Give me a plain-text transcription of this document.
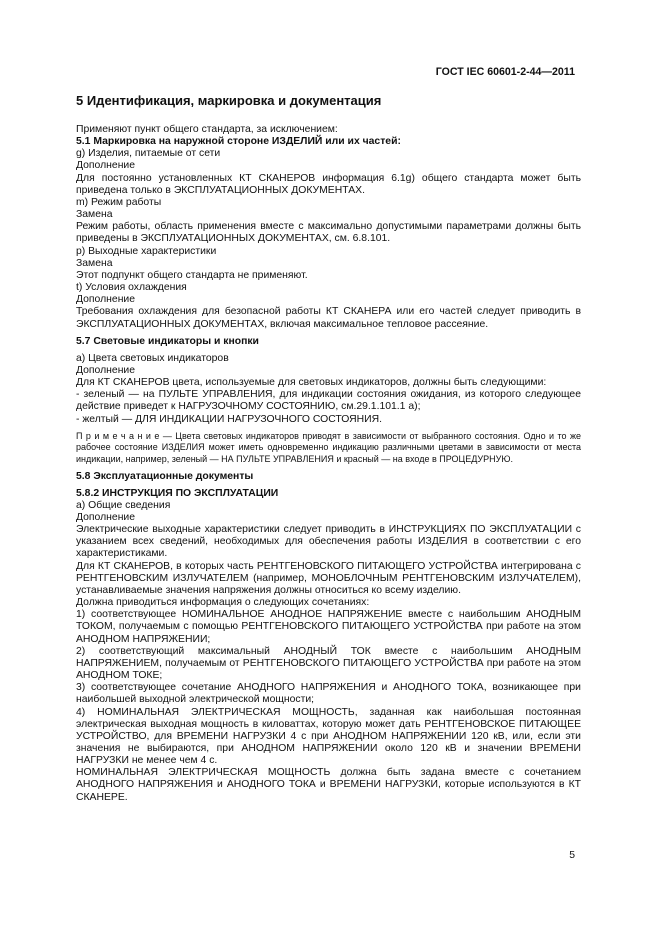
ГОСТ IEC 60601-2-44—2011
5 Идентификация, маркировка и документация

Применяют пункт общего стандарта, за исключением:

5.1 Маркировка на наружной стороне ИЗДЕЛИЙ или их частей:

g) Изделия, питаемые от сети

Дополнение

Для постоянно установленных КТ СКАНЕРОВ информация 6.1g) общего стандарта может быть приведена только в ЭКСПЛУАТАЦИОННЫХ ДОКУМЕНТАХ.

m) Режим работы

Замена

Режим работы, область применения вместе с максимально допустимыми параметрами должны быть приведены в ЭКСПЛУАТАЦИОННЫХ ДОКУМЕНТАХ, см. 6.8.101.

p) Выходные характеристики

Замена

Этот подпункт общего стандарта не применяют.

t) Условия охлаждения

Дополнение

Требования охлаждения для безопасной работы КТ СКАНЕРА или его частей следует приводить в ЭКСПЛУАТАЦИОННЫХ ДОКУМЕНТАХ, включая максимальное тепловое рассеяние.

5.7 Световые индикаторы и кнопки

а) Цвета световых индикаторов

Дополнение

Для КТ СКАНЕРОВ цвета, используемые для световых индикаторов, должны быть следующими:

- зеленый — на ПУЛЬТЕ УПРАВЛЕНИЯ, для индикации состояния ожидания, из которого следующее действие приведет к НАГРУЗОЧНОМУ СОСТОЯНИЮ, см.29.1.101.1 а);

- желтый — ДЛЯ ИНДИКАЦИИ НАГРУЗОЧНОГО СОСТОЯНИЯ.

П р и м е ч а н и е — Цвета световых индикаторов приводят в зависимости от выбранного состояния. Одно и то же рабочее состояние ИЗДЕЛИЯ может иметь одновременно индикацию различными цветами в зависимости от места индикации, например, зеленый — НА ПУЛЬТЕ УПРАВЛЕНИЯ и красный — на входе в ПРОЦЕДУРНУЮ.

5.8 Эксплуатационные документы

5.8.2 ИНСТРУКЦИЯ ПО ЭКСПЛУАТАЦИИ

а) Общие сведения

Дополнение

Электрические выходные характеристики следует приводить в ИНСТРУКЦИЯХ ПО ЭКСПЛУАТАЦИИ с указанием всех сведений, необходимых для обеспечения работы ИЗДЕЛИЯ в соответствии с его характеристиками.

Для КТ СКАНЕРОВ, в которых часть РЕНТГЕНОВСКОГО ПИТАЮЩЕГО УСТРОЙСТВА интегрирована с РЕНТГЕНОВСКИМ ИЗЛУЧАТЕЛЕМ (например, МОНОБЛОЧНЫМ РЕНТГЕНОВСКИМ ИЗЛУЧАТЕЛЕМ), устанавливаемые значения напряжения должны относиться ко всему изделию.

Должна приводиться информация о следующих сочетаниях:

1) соответствующее НОМИНАЛЬНОЕ АНОДНОЕ НАПРЯЖЕНИЕ вместе с наибольшим АНОДНЫМ ТОКОМ, получаемым с помощью РЕНТГЕНОВСКОГО ПИТАЮЩЕГО УСТРОЙСТВА при работе на этом АНОДНОМ НАПРЯЖЕНИИ;

2) соответствующий максимальный АНОДНЫЙ ТОК вместе с наибольшим АНОДНЫМ НАПРЯЖЕНИЕМ, получаемым от РЕНТГЕНОВСКОГО ПИТАЮЩЕГО УСТРОЙСТВА при работе на этом АНОДНОМ ТОКЕ;

3) соответствующее сочетание АНОДНОГО НАПРЯЖЕНИЯ и АНОДНОГО ТОКА, возникающее при наибольшей выходной электрической мощности;

4) НОМИНАЛЬНАЯ ЭЛЕКТРИЧЕСКАЯ МОЩНОСТЬ, заданная как наибольшая постоянная электрическая выходная мощность в киловаттах, которую может дать РЕНТГЕНОВСКОЕ ПИТАЮЩЕЕ УСТРОЙСТВО, для ВРЕМЕНИ НАГРУЗКИ 4 с при АНОДНОМ НАПРЯЖЕНИИ 120 кВ, или, если эти значения не выбираются, при АНОДНОМ НАПРЯЖЕНИИ около 120 кВ и значении ВРЕМЕНИ НАГРУЗКИ не менее чем 4 с.

НОМИНАЛЬНАЯ ЭЛЕКТРИЧЕСКАЯ МОЩНОСТЬ должна быть задана вместе с сочетанием АНОДНОГО НАПРЯЖЕНИЯ и АНОДНОГО ТОКА и ВРЕМЕНИ НАГРУЗКИ, которые используются в КТ СКАНЕРЕ.

5
